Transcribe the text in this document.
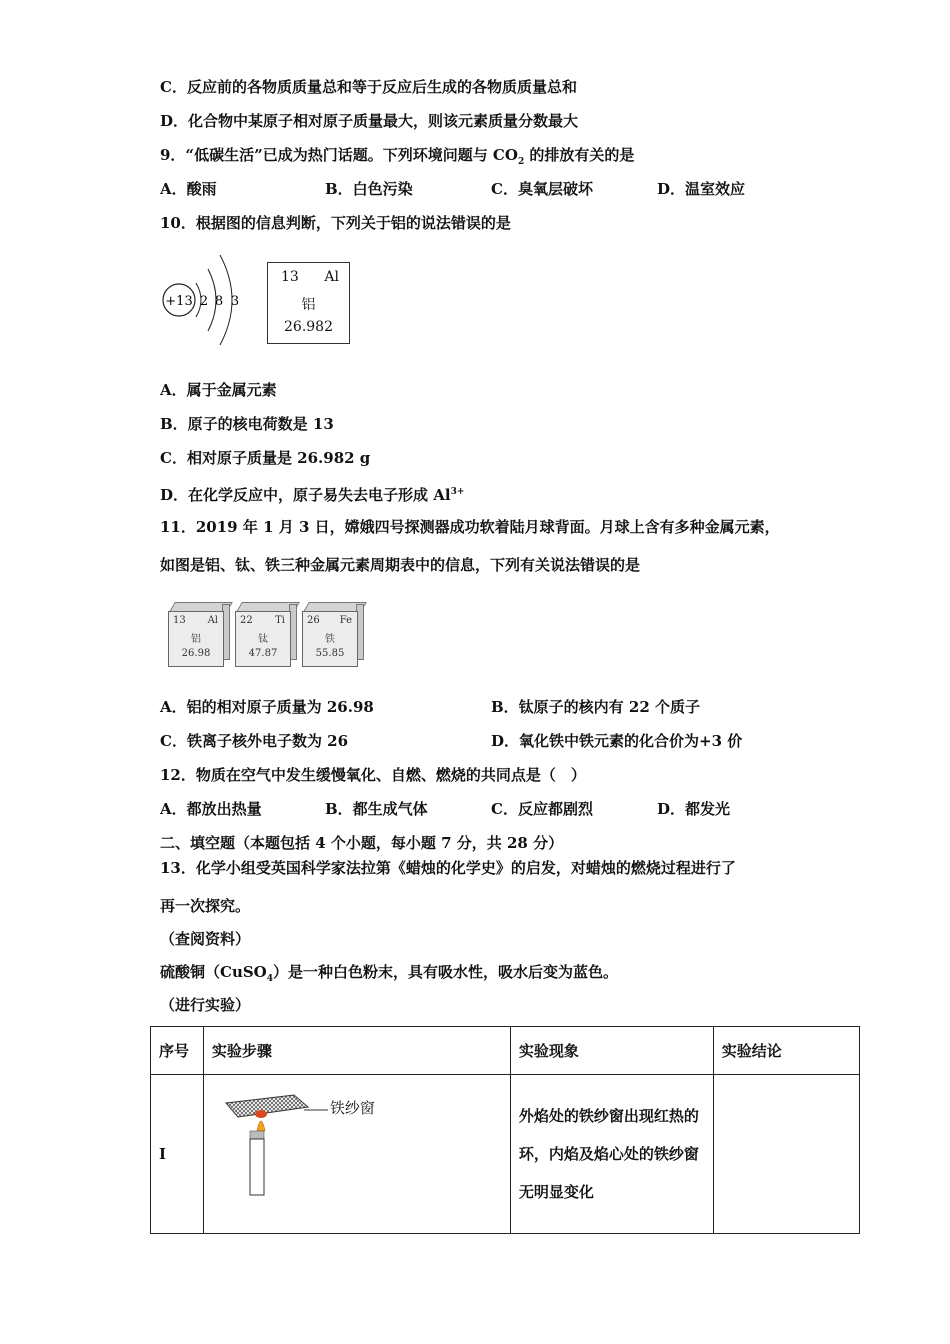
C．反应前的各物质质量总和等于反应后生成的各物质质量总和
D．化合物中某原子相对原子质量最大，则该元素质量分数最大
9．“低碳生活”已成为热门话题。下列环境问题与 $CO_2$ 的排放有关的是
A．酸雨	B．白色污染	C．臭氧层破坏	D．温室效应
10．根据图的信息判断，下列关于铝的说法错误的是
+13 2 8 3
13 Al
铝
26.982
A．属于金属元素
B．原子的核电荷数是 13
C．相对原子质量是 26.982 g
D．在化学反应中，原子易失去电子形成 $Al^{3+}$
11．2019 年 1 月 3 日，嫦娥四号探测器成功软着陆月球背面。月球上含有多种金属元素，
如图是铝、钛、铁三种金属元素周期表中的信息，下列有关说法错误的是
13 Al
铝
26.98
22 Ti
钛
47.87
26 Fe
铁
55.85
A．铝的相对原子质量为 26.98	B．钛原子的核内有 22 个质子
C．铁离子核外电子数为 26	D．氧化铁中铁元素的化合价为+3 价
12．物质在空气中发生缓慢氧化、自燃、燃烧的共同点是（　）
A．都放出热量	B．都生成气体	C．反应都剧烈	D．都发光
二、填空题（本题包括 4 个小题，每小题 7 分，共 28 分）
13．化学小组受英国科学家法拉第《蜡烛的化学史》的启发，对蜡烛的燃烧过程进行了
再一次探究。
（查阅资料）
硫酸铜（CuSO$_4$）是一种白色粉末，具有吸水性，吸水后变为蓝色。
（进行实验）
序号	实验步骤	实验现象	实验结论
I	铁纱窗	外焰处的铁纱窗出现红热的环，内焰及焰心处的铁纱窗无明显变化	
